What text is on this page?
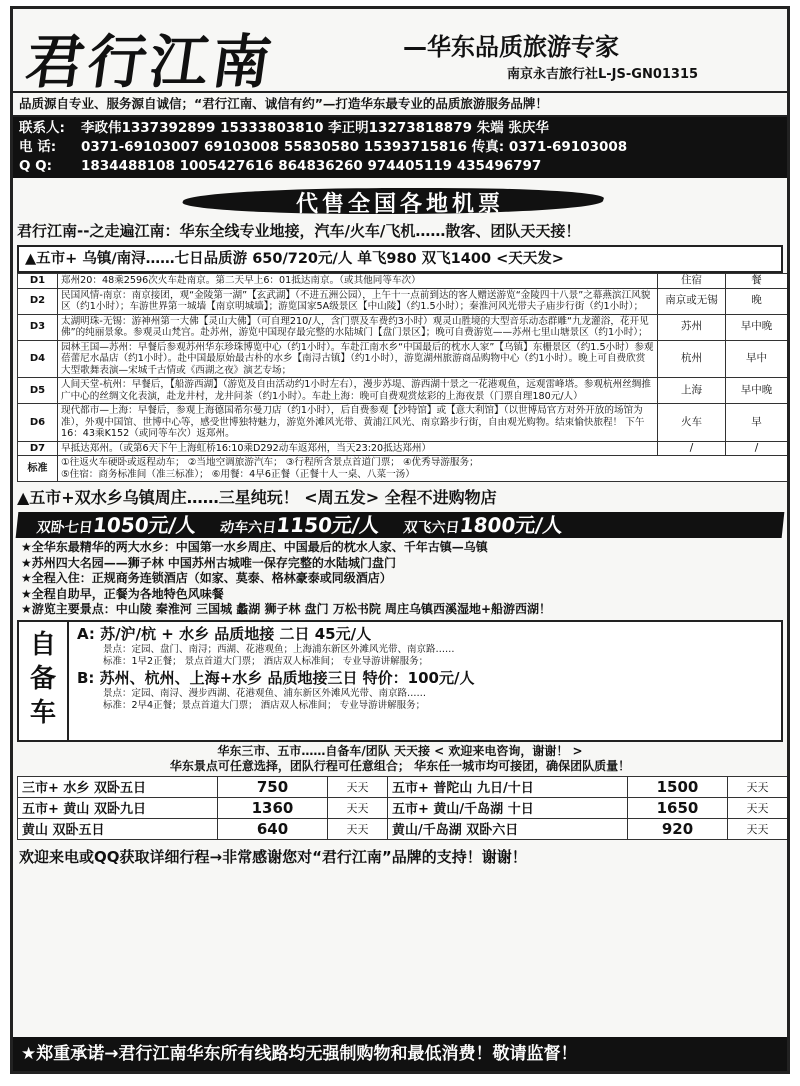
君行江南	—华东品质旅游专家
南京永吉旅行社L-JS-GN01315
品质源自专业、服务源自诚信；“君行江南、诚信有约”—打造华东最专业的品质旅游服务品牌！
联系人: 李政伟1337392899 15333803810 李正明13273818879 朱端 张庆华
电 话: 0371-69103007 69103008 55830580 15393715816 传真: 0371-69103008
Q Q: 1834488108 1005427616 864836260 974405119 435496797
代售全国各地机票
君行江南--之走遍江南：华东全线专业地接，汽车/火车/飞机……散客、团队天天接！
▲五市+ 乌镇/南浔……七日品质游 650/720元/人 单飞980 双飞1400 <天天发>
D1	郑州20：48乘2596次火车赴南京。第二天早上6：01抵达南京。（或其他同等车次）	住宿	餐
D2	民国风情-南京：南京接团，观“金陵第一湖”【玄武湖】（不进五洲公园），上午十一点前到达的客人赠送游览“金陵四十八景”之幕燕滨江风貌区（约1小时）；车游世界第一城墙【南京明城墙】；游览国家5A级景区【中山陵】（约1.5小时）；秦淮河风光带夫子庙步行街（约1小时）；	南京或无锡	晚
D3	太湖明珠-无锡：游神州第一大佛【灵山大佛】（可自理210/人，含门票及车费约3小时）观灵山胜境的大型音乐动态群雕“九龙灌浴，花开见佛”的纯丽景象。参观灵山梵宫。赴苏州，游览中国现存最完整的水陆城门【盘门景区】；晚可自费游览——苏州七里山塘景区（约1小时）；	苏州	早中晚
D4	园林王国—苏州：早餐后参观苏州华东珍珠博览中心（约1小时）。车赴江南水乡“中国最后的枕水人家”【乌镇】东栅景区（约1.5小时）参观蓓蕾尼水晶店（约1小时）。赴中国最原始最古朴的水乡【南浔古镇】（约1小时），游览湖州旅游商品购物中心（约1小时）。晚上可自费欣赏大型歌舞表演—宋城千古情或《西湖之夜》演艺专场；	杭州	早中
D5	人间天堂-杭州：早餐后，【船游西湖】（游览及自由活动约1小时左右），漫步苏堤、游西湖十景之一花港观鱼，远观雷峰塔。参观杭州丝绸推广中心的丝绸文化表演，赴龙井村，龙井问茶（约1小时）。车赴上海：晚可自费观赏炫彩的上海夜景（门票自理180元/人）	上海	早中晚
D6	现代都市—上海：早餐后，参观上海德国希尔曼刀店（约1小时），后自费参观【沙特馆】或【意大利馆】（以世博局官方对外开放的场馆为准），外观中国馆、世博中心等，感受世博独特魅力，游览外滩风光带、黄浦江风光、南京路步行街，自由观光购物。结束愉快旅程！ 下午16：43乘K152（或同等车次）返郑州。	火车	早
D7	早抵达郑州。（或第6天下午上海虹桥16:10乘D292动车返郑州，当天23:20抵达郑州）	/	/
标准	①往返火车硬卧或返程动车； ②当地空调旅游汽车； ③行程所含景点首道门票； ④优秀导游服务；
⑤住宿：商务标准间（准三标准）； ⑥用餐：4早6正餐（正餐十人一桌、八菜一汤）		
▲五市+双水乡乌镇周庄……三星纯玩！ <周五发> 全程不进购物店
双卧七日1050元/人 动车六日1150元/人 双飞六日1800元/人
★全华东最精华的两大水乡：中国第一水乡周庄、中国最后的枕水人家、千年古镇—乌镇
★苏州四大名园——狮子林 中国苏州古城唯一保存完整的水陆城门盘门
★全程入住：正规商务连锁酒店（如家、莫泰、格林豪泰或同级酒店）
★全程自助早，正餐为各地特色风味餐
★游览主要景点：中山陵 秦淮河 三国城 蠡湖 狮子林 盘门 万松书院 周庄乌镇西溪湿地+船游西湖！
自备车
A: 苏/沪/杭 + 水乡 品质地接 二日 45元/人
景点：定园、盘门、南浔；西湖、花港观鱼；上海浦东新区外滩风光带、南京路……
标准：1早2正餐； 景点首道大门票； 酒店双人标准间； 专业导游讲解服务；
B: 苏州、杭州、上海+水乡 品质地接三日 特价：100元/人
景点：定园、南浔、漫步西湖、花港观鱼、浦东新区外滩风光带、南京路……
标准：2早4正餐；景点首道大门票； 酒店双人标准间； 专业导游讲解服务；
华东三市、五市……自备车/团队 天天接 < 欢迎来电咨询，谢谢！ >
华东景点可任意选择，团队行程可任意组合； 华东任一城市均可接团，确保团队质量！
三市+ 水乡 双卧五日	750	天天	五市+ 普陀山 九日/十日	1500	天天
五市+ 黄山 双卧九日	1360	天天	五市+ 黄山/千岛湖 十日	1650	天天
黄山 双卧五日	640	天天	黄山/千岛湖 双卧六日	920	天天
欢迎来电或QQ获取详细行程→非常感谢您对“君行江南”品牌的支持！谢谢！
★郑重承诺→君行江南华东所有线路均无强制购物和最低消费！敬请监督！
